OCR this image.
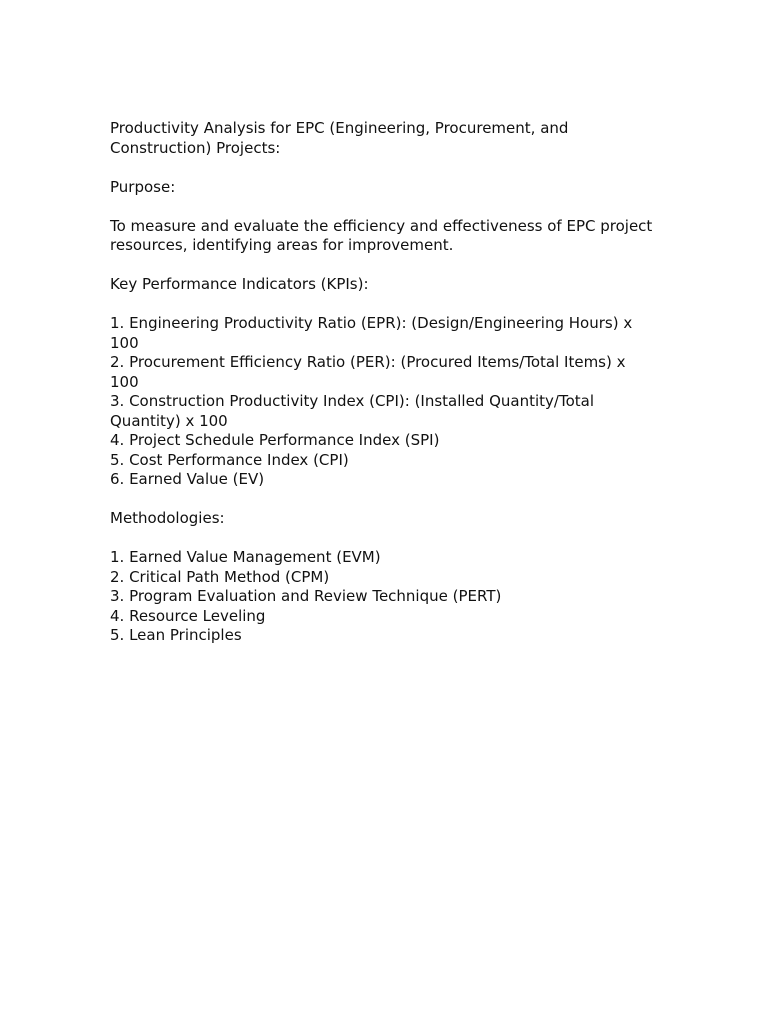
Productivity Analysis for EPC (Engineering, Procurement, and Construction) Projects:

Purpose:

To measure and evaluate the efficiency and effectiveness of EPC project resources, identifying areas for improvement.

Key Performance Indicators (KPIs):

1. Engineering Productivity Ratio (EPR): (Design/Engineering Hours) x 100
2. Procurement Efficiency Ratio (PER): (Procured Items/Total Items) x 100
3. Construction Productivity Index (CPI): (Installed Quantity/Total Quantity) x 100
4. Project Schedule Performance Index (SPI)
5. Cost Performance Index (CPI)
6. Earned Value (EV)

Methodologies:

1. Earned Value Management (EVM)
2. Critical Path Method (CPM)
3. Program Evaluation and Review Technique (PERT)
4. Resource Leveling
5. Lean Principles
